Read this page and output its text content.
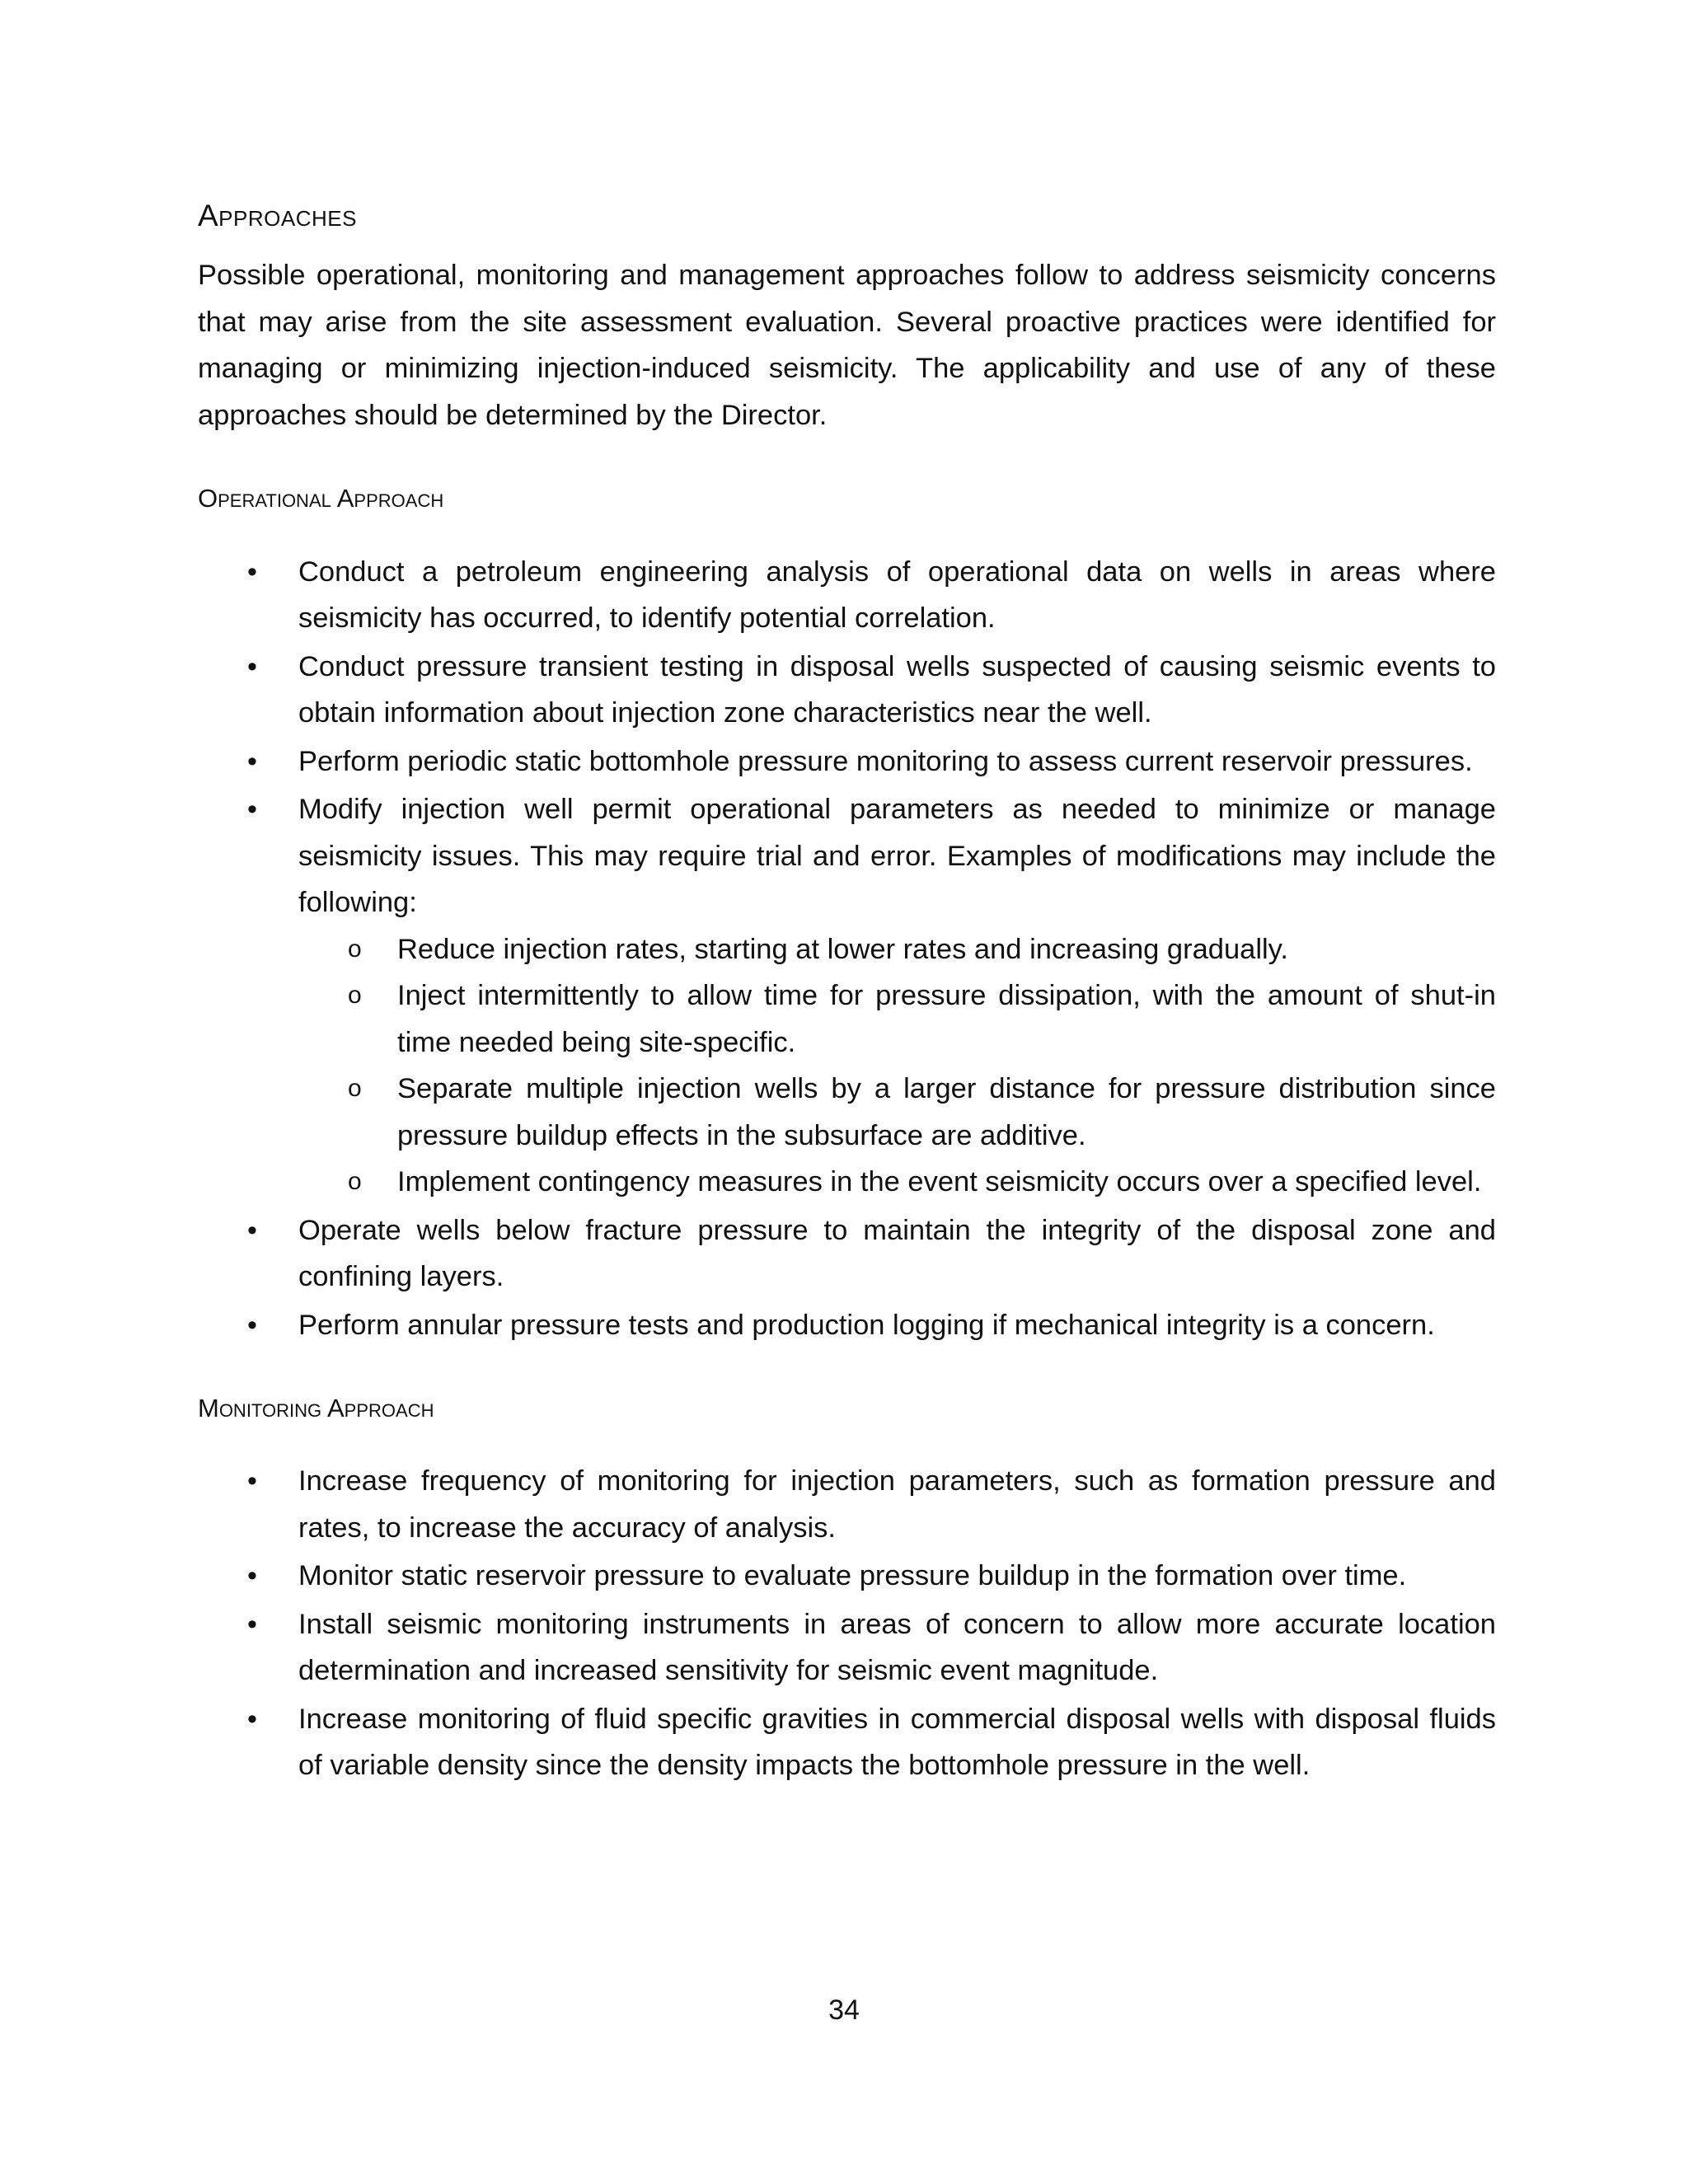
Approaches

Possible operational, monitoring and management approaches follow to address seismicity concerns that may arise from the site assessment evaluation. Several proactive practices were identified for managing or minimizing injection-induced seismicity. The applicability and use of any of these approaches should be determined by the Director.

Operational Approach
• Conduct a petroleum engineering analysis of operational data on wells in areas where seismicity has occurred, to identify potential correlation.
• Conduct pressure transient testing in disposal wells suspected of causing seismic events to obtain information about injection zone characteristics near the well.
• Perform periodic static bottomhole pressure monitoring to assess current reservoir pressures.
• Modify injection well permit operational parameters as needed to minimize or manage seismicity issues. This may require trial and error. Examples of modifications may include the following:
o Reduce injection rates, starting at lower rates and increasing gradually.
o Inject intermittently to allow time for pressure dissipation, with the amount of shut-in time needed being site-specific.
o Separate multiple injection wells by a larger distance for pressure distribution since pressure buildup effects in the subsurface are additive.
o Implement contingency measures in the event seismicity occurs over a specified level.
• Operate wells below fracture pressure to maintain the integrity of the disposal zone and confining layers.
• Perform annular pressure tests and production logging if mechanical integrity is a concern.
Monitoring Approach
• Increase frequency of monitoring for injection parameters, such as formation pressure and rates, to increase the accuracy of analysis.
• Monitor static reservoir pressure to evaluate pressure buildup in the formation over time.
• Install seismic monitoring instruments in areas of concern to allow more accurate location determination and increased sensitivity for seismic event magnitude.
• Increase monitoring of fluid specific gravities in commercial disposal wells with disposal fluids of variable density since the density impacts the bottomhole pressure in the well.
34
